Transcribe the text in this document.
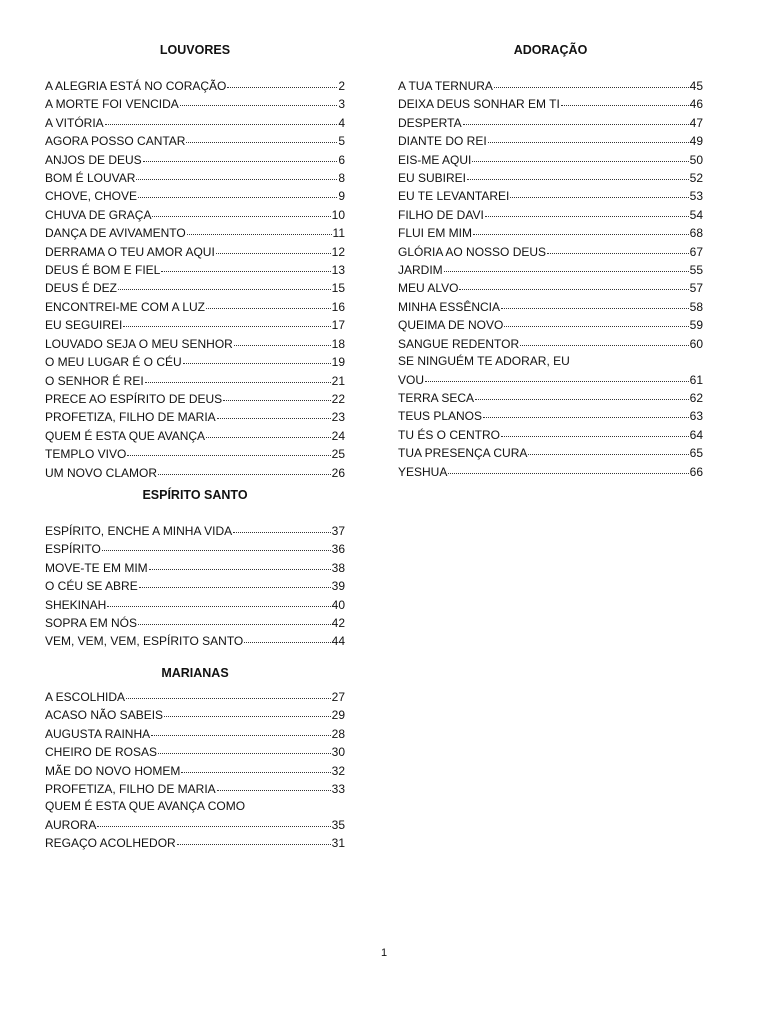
LOUVORES
A ALEGRIA ESTÁ NO CORAÇÃO	2
A MORTE FOI VENCIDA	3
A VITÓRIA	4
AGORA POSSO CANTAR	5
ANJOS DE DEUS	6
BOM É LOUVAR	8
CHOVE, CHOVE	9
CHUVA DE GRAÇA	10
DANÇA DE AVIVAMENTO	11
DERRAMA O TEU AMOR AQUI	12
DEUS É BOM E FIEL	13
DEUS É DEZ	15
ENCONTREI-ME COM A LUZ	16
EU SEGUIREI	17
LOUVADO SEJA O MEU SENHOR	18
O MEU LUGAR É O CÉU	19
O SENHOR É REI	21
PRECE AO ESPÍRITO DE DEUS	22
PROFETIZA, FILHO DE MARIA	23
QUEM É ESTA QUE AVANÇA	24
TEMPLO VIVO	25
UM NOVO CLAMOR	26
ESPÍRITO SANTO
ESPÍRITO, ENCHE A MINHA VIDA	37
ESPÍRITO	36
MOVE-TE EM MIM	38
O CÉU SE ABRE	39
SHEKINAH	40
SOPRA EM NÓS	42
VEM, VEM, VEM, ESPÍRITO SANTO	44
MARIANAS
A ESCOLHIDA	27
ACASO NÃO SABEIS	29
AUGUSTA RAINHA	28
CHEIRO DE ROSAS	30
MÃE DO NOVO HOMEM	32
PROFETIZA, FILHO DE MARIA	33
QUEM É ESTA QUE AVANÇA COMO
AURORA	35
REGAÇO ACOLHEDOR	31
ADORAÇÃO
A TUA TERNURA	45
DEIXA DEUS SONHAR EM TI	46
DESPERTA	47
DIANTE DO REI	49
EIS-ME AQUI	50
EU SUBIREI	52
EU TE LEVANTAREI	53
FILHO DE DAVI	54
FLUI EM MIM	68
GLÓRIA AO NOSSO DEUS	67
JARDIM	55
MEU ALVO	57
MINHA ESSÊNCIA	58
QUEIMA DE NOVO	59
SANGUE REDENTOR	60
SE NINGUÉM TE ADORAR, EU
VOU	61
TERRA SECA	62
TEUS PLANOS	63
TU ÉS O CENTRO	64
TUA PRESENÇA CURA	65
YESHUA	66
1
